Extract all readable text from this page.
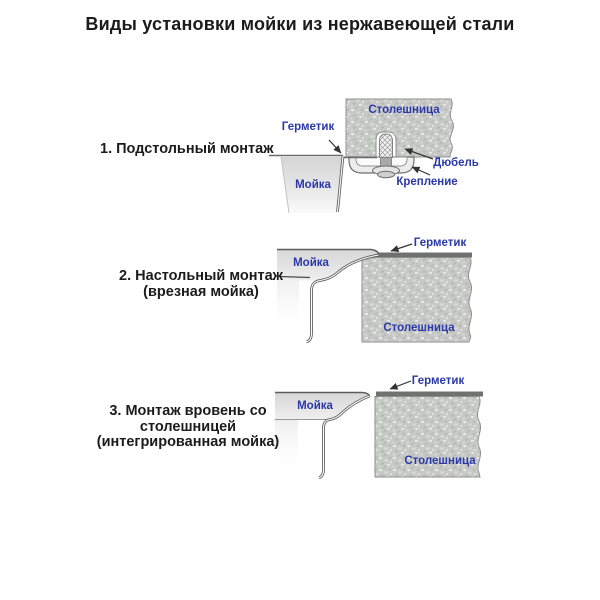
Виды установки мойки из нержавеющей стали
1. Подстольный монтаж
2. Настольный монтаж
(врезная мойка)
3. Монтаж вровень со
столешницей
(интегрированная мойка)
Столешница
Герметик
Мойка
Дюбель
Крепление
Мойка
Герметик
Столешница
Мойка
Герметик
Столешница
